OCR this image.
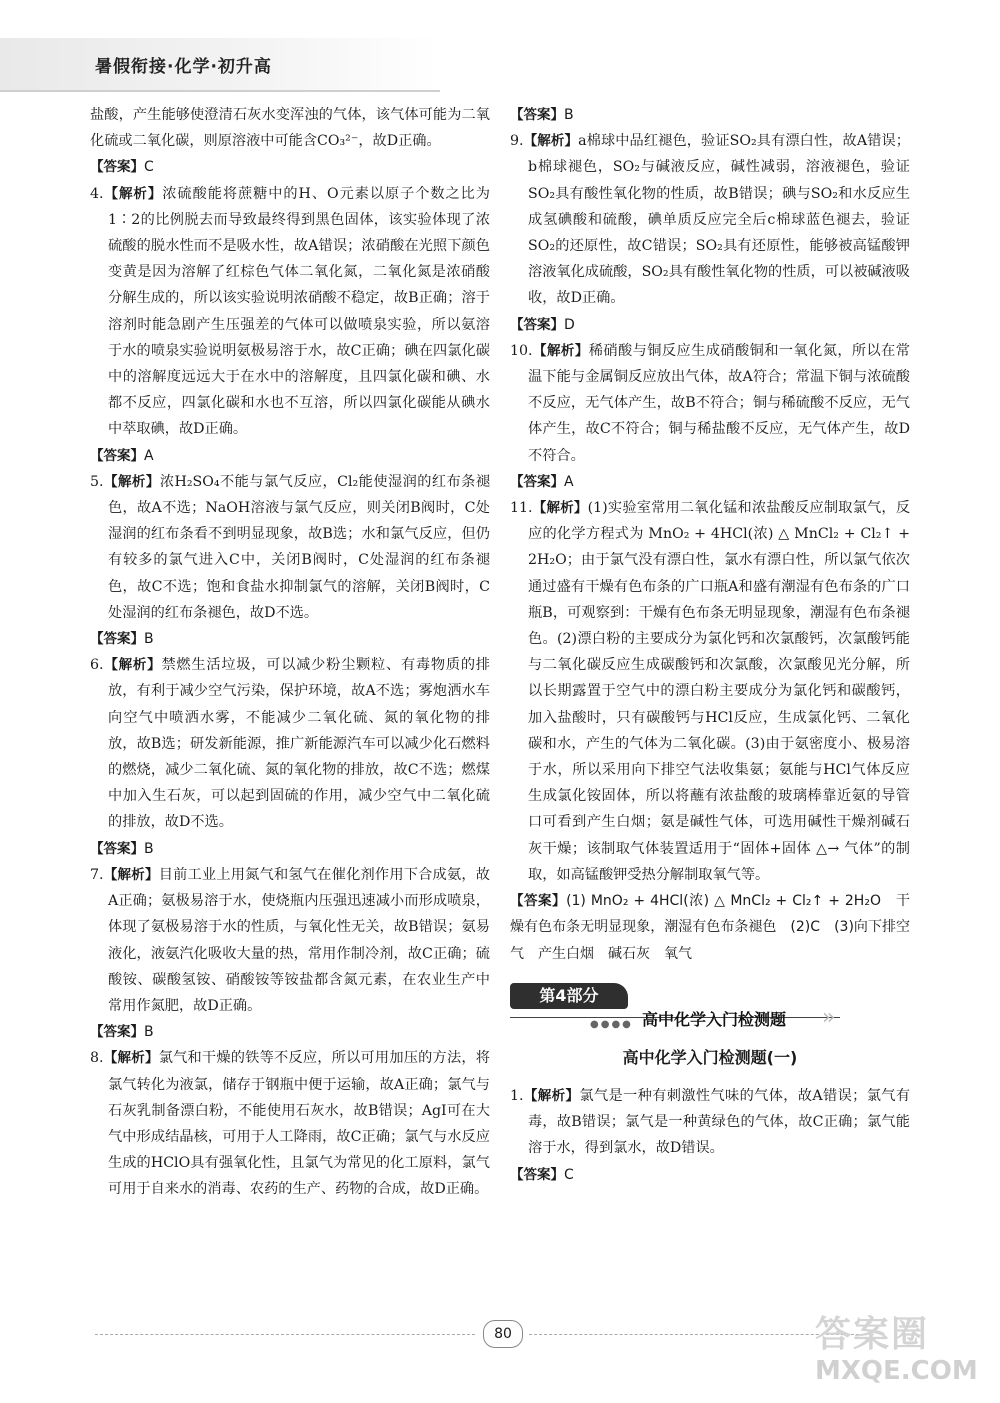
暑假衔接·化学·初升高

盐酸，产生能够使澄清石灰水变浑浊的气体，该气体可能为二氧化硫或二氧化碳，则原溶液中可能含CO₃²⁻，故D正确。

【答案】C

4.【解析】浓硫酸能将蔗糖中的H、O元素以原子个数之比为1∶2的比例脱去而导致最终得到黑色固体，该实验体现了浓硫酸的脱水性而不是吸水性，故A错误；浓硝酸在光照下颜色变黄是因为溶解了红棕色气体二氧化氮，二氧化氮是浓硝酸分解生成的，所以该实验说明浓硝酸不稳定，故B正确；溶于溶剂时能急剧产生压强差的气体可以做喷泉实验，所以氨溶于水的喷泉实验说明氨极易溶于水，故C正确；碘在四氯化碳中的溶解度远远大于在水中的溶解度，且四氯化碳和碘、水都不反应，四氯化碳和水也不互溶，所以四氯化碳能从碘水中萃取碘，故D正确。

【答案】A

5.【解析】浓H₂SO₄不能与氯气反应，Cl₂能使湿润的红布条褪色，故A不选；NaOH溶液与氯气反应，则关闭B阀时，C处湿润的红布条看不到明显现象，故B选；水和氯气反应，但仍有较多的氯气进入C中，关闭B阀时，C处湿润的红布条褪色，故C不选；饱和食盐水抑制氯气的溶解，关闭B阀时，C处湿润的红布条褪色，故D不选。

【答案】B

6.【解析】禁燃生活垃圾，可以减少粉尘颗粒、有毒物质的排放，有利于减少空气污染，保护环境，故A不选；雾炮洒水车向空气中喷洒水雾，不能减少二氧化硫、氮的氧化物的排放，故B选；研发新能源，推广新能源汽车可以减少化石燃料的燃烧，减少二氧化硫、氮的氧化物的排放，故C不选；燃煤中加入生石灰，可以起到固硫的作用，减少空气中二氧化硫的排放，故D不选。

【答案】B

7.【解析】目前工业上用氮气和氢气在催化剂作用下合成氨，故A正确；氨极易溶于水，使烧瓶内压强迅速减小而形成喷泉，体现了氨极易溶于水的性质，与氧化性无关，故B错误；氨易液化，液氨汽化吸收大量的热，常用作制冷剂，故C正确；硫酸铵、碳酸氢铵、硝酸铵等铵盐都含氮元素，在农业生产中常用作氮肥，故D正确。

【答案】B

8.【解析】氯气和干燥的铁等不反应，所以可用加压的方法，将氯气转化为液氯，储存于钢瓶中便于运输，故A正确；氯气与石灰乳制备漂白粉，不能使用石灰水，故B错误；AgI可在大气中形成结晶核，可用于人工降雨，故C正确；氯气与水反应生成的HClO具有强氧化性，且氯气为常见的化工原料，氯气可用于自来水的消毒、农药的生产、药物的合成，故D正确。

【答案】B

9.【解析】a棉球中品红褪色，验证SO₂具有漂白性，故A错误；b棉球褪色，SO₂与碱液反应，碱性减弱，溶液褪色，验证SO₂具有酸性氧化物的性质，故B错误；碘与SO₂和水反应生成氢碘酸和硫酸，碘单质反应完全后c棉球蓝色褪去，验证SO₂的还原性，故C错误；SO₂具有还原性，能够被高锰酸钾溶液氧化成硫酸，SO₂具有酸性氧化物的性质，可以被碱液吸收，故D正确。

【答案】D

10.【解析】稀硝酸与铜反应生成硝酸铜和一氧化氮，所以在常温下能与金属铜反应放出气体，故A符合；常温下铜与浓硫酸不反应，无气体产生，故B不符合；铜与稀硫酸不反应，无气体产生，故C不符合；铜与稀盐酸不反应，无气体产生，故D不符合。

【答案】A

11.【解析】(1)实验室常用二氧化锰和浓盐酸反应制取氯气，反应的化学方程式为 MnO₂ + 4HCl(浓) △ MnCl₂ + Cl₂↑ + 2H₂O；由于氯气没有漂白性，氯水有漂白性，所以氯气依次通过盛有干燥有色布条的广口瓶A和盛有潮湿有色布条的广口瓶B，可观察到：干燥有色布条无明显现象，潮湿有色布条褪色。(2)漂白粉的主要成分为氯化钙和次氯酸钙，次氯酸钙能与二氧化碳反应生成碳酸钙和次氯酸，次氯酸见光分解，所以长期露置于空气中的漂白粉主要成分为氯化钙和碳酸钙，加入盐酸时，只有碳酸钙与HCl反应，生成氯化钙、二氧化碳和水，产生的气体为二氧化碳。(3)由于氨密度小、极易溶于水，所以采用向下排空气法收集氨；氨能与HCl气体反应生成氯化铵固体，所以将蘸有浓盐酸的玻璃棒靠近氨的导管口可看到产生白烟；氨是碱性气体，可选用碱性干燥剂碱石灰干燥；该制取气体装置适用于“固体+固体 △→ 气体”的制取，如高锰酸钾受热分解制取氧气等。

【答案】(1) MnO₂ + 4HCl(浓) △ MnCl₂ + Cl₂↑ + 2H₂O　干燥有色布条无明显现象，潮湿有色布条褪色　(2)C　(3)向下排空气　产生白烟　碱石灰　氧气

第4部分
●●●● 高中化学入门检测题 »
高中化学入门检测题(一)

1.【解析】氯气是一种有刺激性气味的气体，故A错误；氯气有毒，故B错误；氯气是一种黄绿色的气体，故C正确；氯气能溶于水，得到氯水，故D错误。

【答案】C

80	答案圈
MXQE.COM
